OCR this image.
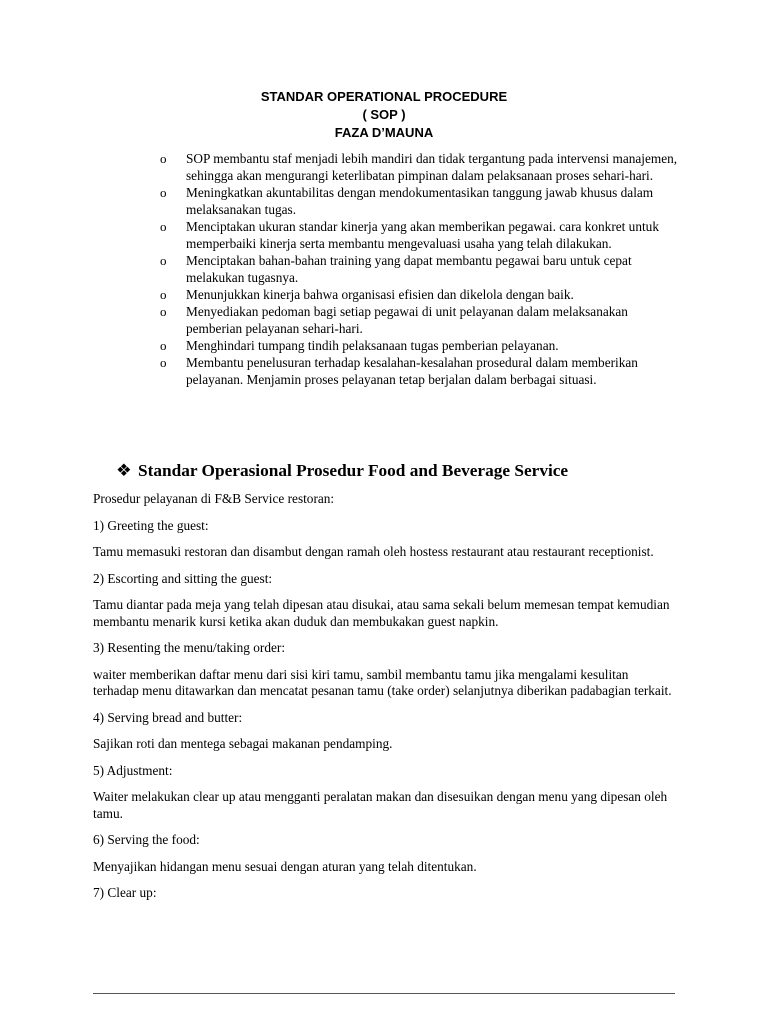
STANDAR OPERATIONAL PROCEDURE
( SOP )
FAZA D’MAUNA
o SOP membantu staf menjadi lebih mandiri dan tidak tergantung pada intervensi manajemen, sehingga akan mengurangi keterlibatan pimpinan dalam pelaksanaan proses sehari-hari.
o Meningkatkan akuntabilitas dengan mendokumentasikan tanggung jawab khusus dalam melaksanakan tugas.
o Menciptakan ukuran standar kinerja yang akan memberikan pegawai. cara konkret untuk memperbaiki kinerja serta membantu mengevaluasi usaha yang telah dilakukan.
o Menciptakan bahan-bahan training yang dapat membantu pegawai baru untuk cepat melakukan tugasnya.
o Menunjukkan kinerja bahwa organisasi efisien dan dikelola dengan baik.
o Menyediakan pedoman bagi setiap pegawai di unit pelayanan dalam melaksanakan pemberian pelayanan sehari-hari.
o Menghindari tumpang tindih pelaksanaan tugas pemberian pelayanan.
o Membantu penelusuran terhadap kesalahan-kesalahan prosedural dalam memberikan pelayanan. Menjamin proses pelayanan tetap berjalan dalam berbagai situasi.
❖ Standar Operasional Prosedur Food and Beverage Service

Prosedur pelayanan di F&B Service restoran:

1) Greeting the guest:

Tamu memasuki restoran dan disambut dengan ramah oleh hostess restaurant atau restaurant receptionist.

2) Escorting and sitting the guest:

Tamu diantar pada meja yang telah dipesan atau disukai, atau sama sekali belum memesan tempat kemudian membantu menarik kursi ketika akan duduk dan membukakan guest napkin.

3) Resenting the menu/taking order:

waiter memberikan daftar menu dari sisi kiri tamu, sambil membantu tamu jika mengalami kesulitan terhadap menu ditawarkan dan mencatat pesanan tamu (take order) selanjutnya diberikan padabagian terkait.

4) Serving bread and butter:

Sajikan roti dan mentega sebagai makanan pendamping.

5) Adjustment:

Waiter melakukan clear up atau mengganti peralatan makan dan disesuikan dengan menu yang dipesan oleh tamu.

6) Serving the food:

Menyajikan hidangan menu sesuai dengan aturan yang telah ditentukan.

7) Clear up:
